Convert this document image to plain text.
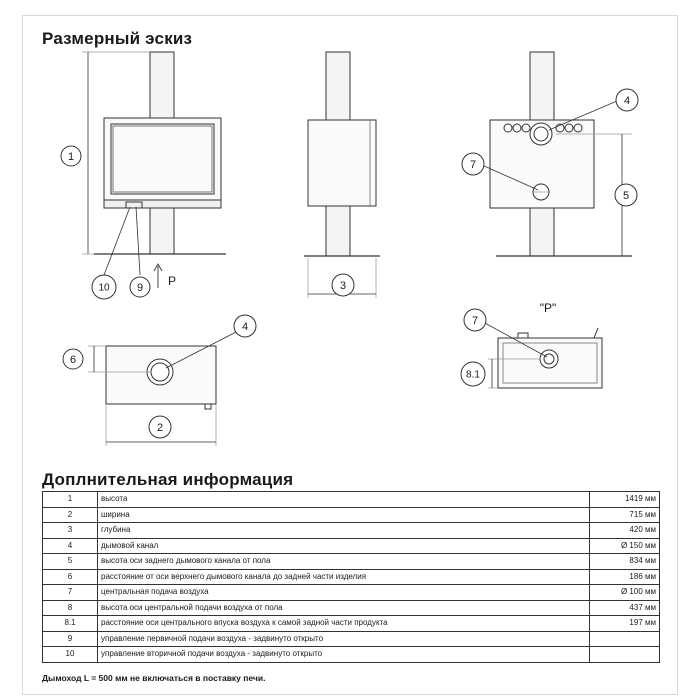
Размерный эскиз
1
10 9 P	3
4
7
5
6
4
2
"P"
7
8.1
Доплнительная информация
1	высота	1419 мм
2	ширина	715 мм
3	глубина	420 мм
4	дымовой канал	Ø 150 мм
5	высота оси заднего дымового канала от пола	834 мм
6	расстояние от оси верхнего дымового канала до задней части изделия	186 мм
7	центральная подача воздуха	Ø 100 мм
8	высота оси центральной подачи воздуха от пола	437 мм
8.1	расстояние оси центрального впуска воздуха к самой задной части продукта	197 мм
9	управление первичной подачи воздуха - задвинуто открыто	
10	управление вторичной подачи воздуха - задвинуто открыто	
Дымоход L = 500 мм не включаться в поставку печи.
